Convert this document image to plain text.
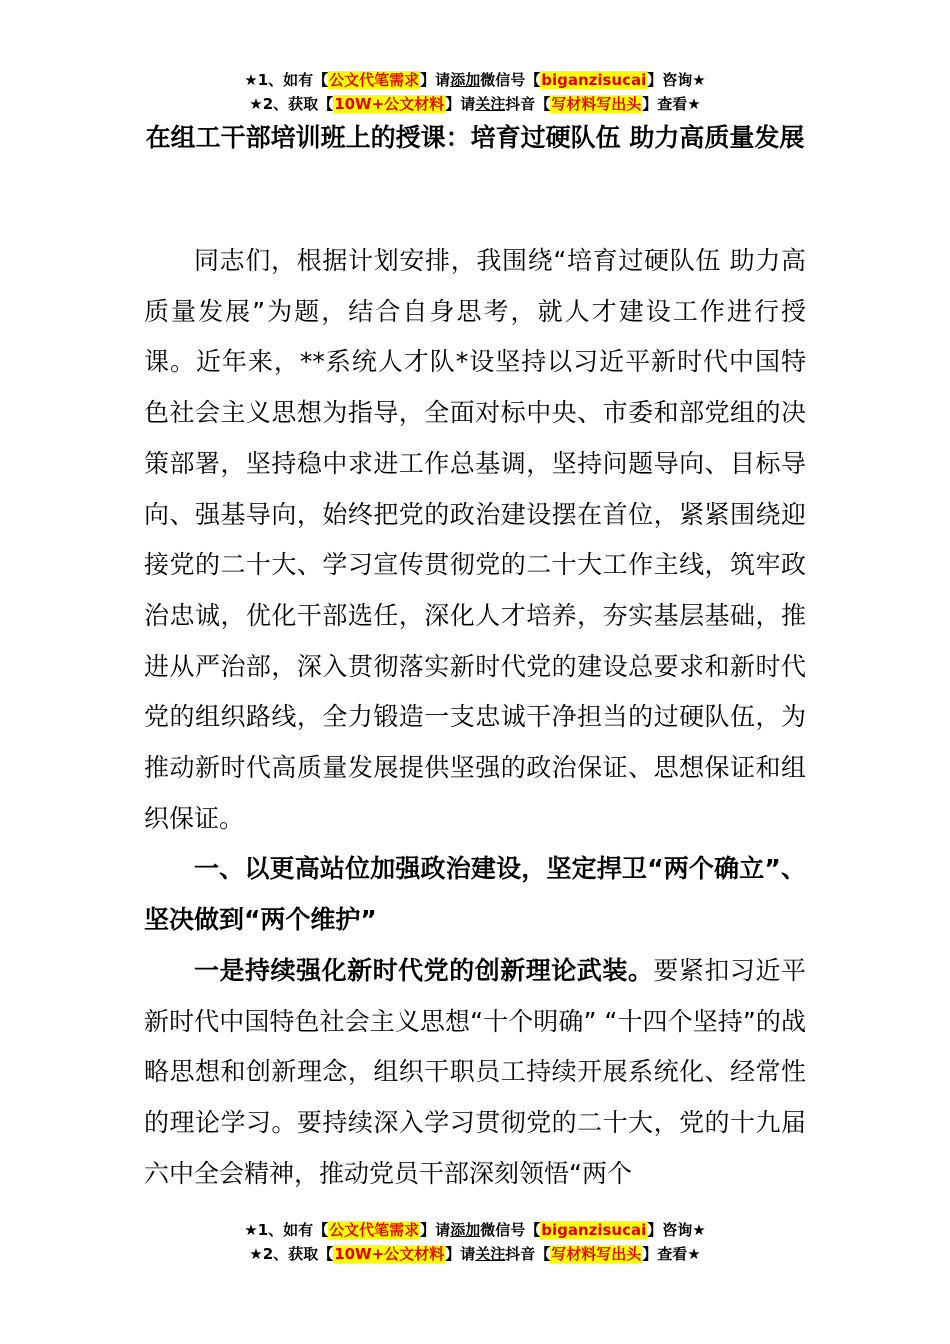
★1、如有【公文代笔需求】请添加微信号【biganzisucai】咨询★
★2、获取【10W+公文材料】请关注抖音【写材料写出头】查看★
在组工干部培训班上的授课：培育过硬队伍 助力高质量发展

同志们，根据计划安排，我围绕“培育过硬队伍 助力高质量发展”为题，结合自身思考，就人才建设工作进行授课。近年来，**系统人才队*设坚持以习近平新时代中国特色社会主义思想为指导，全面对标中央、市委和部党组的决策部署，坚持稳中求进工作总基调，坚持问题导向、目标导向、强基导向，始终把党的政治建设摆在首位，紧紧围绕迎接党的二十大、学习宣传贯彻党的二十大工作主线，筑牢政治忠诚，优化干部选任，深化人才培养，夯实基层基础，推进从严治部，深入贯彻落实新时代党的建设总要求和新时代党的组织路线，全力锻造一支忠诚干净担当的过硬队伍，为推动新时代高质量发展提供坚强的政治保证、思想保证和组织保证。

一、以更高站位加强政治建设，坚定捍卫“两个确立”、坚决做到“两个维护”

一是持续强化新时代党的创新理论武装。要紧扣习近平新时代中国特色社会主义思想“十个明确” “十四个坚持”的战略思想和创新理念，组织干职员工持续开展系统化、经常性的理论学习。要持续深入学习贯彻党的二十大，党的十九届六中全会精神，推动党员干部深刻领悟“两个

★1、如有【公文代笔需求】请添加微信号【biganzisucai】咨询★
★2、获取【10W+公文材料】请关注抖音【写材料写出头】查看★
